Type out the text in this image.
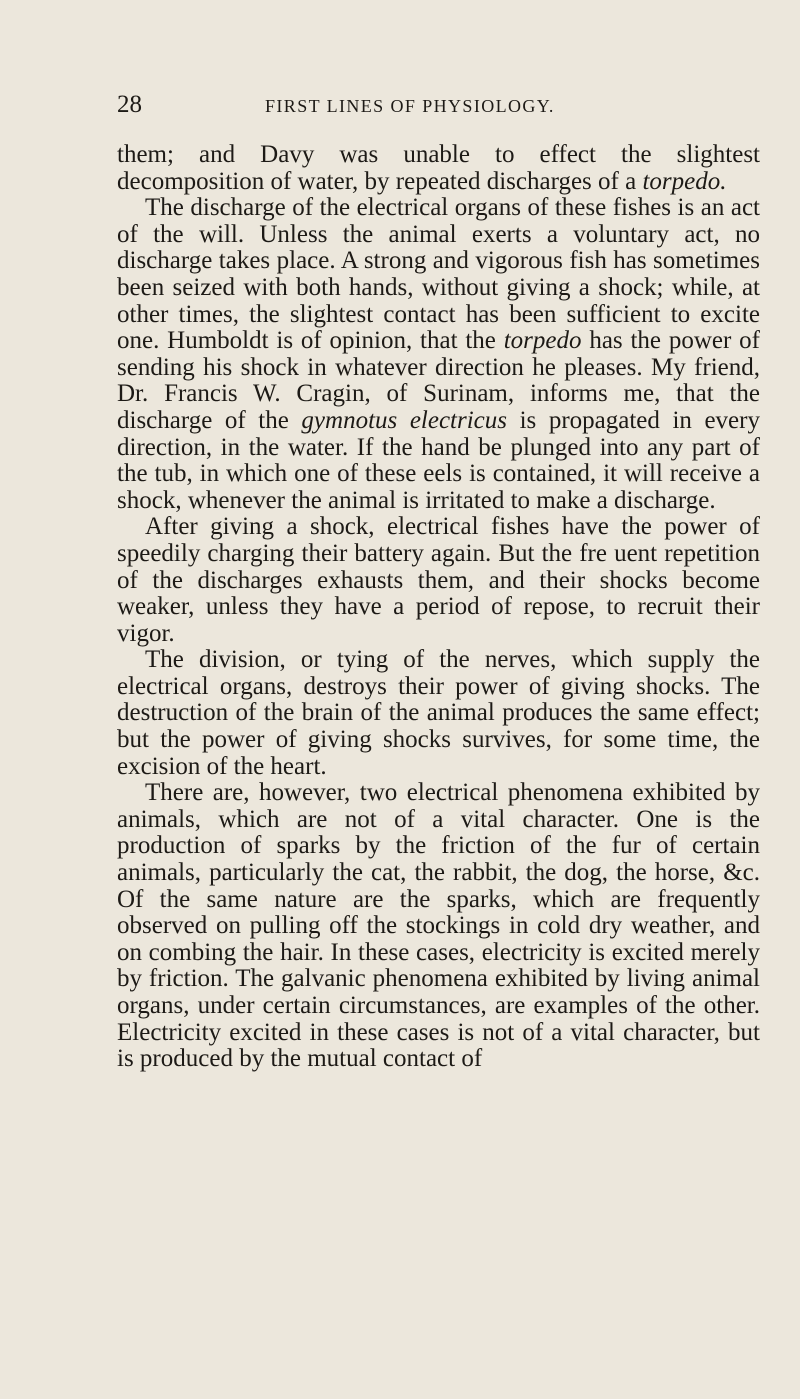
28	FIRST LINES OF PHYSIOLOGY.

them; and Davy was unable to effect the slightest decomposition of water, by repeated discharges of a torpedo.

The discharge of the electrical organs of these fishes is an act of the will. Unless the animal exerts a voluntary act, no discharge takes place. A strong and vigorous fish has sometimes been seized with both hands, without giving a shock; while, at other times, the slightest contact has been sufficient to excite one. Humboldt is of opinion, that the torpedo has the power of sending his shock in whatever direction he pleases. My friend, Dr. Francis W. Cragin, of Surinam, informs me, that the discharge of the gymnotus electricus is propagated in every direction, in the water. If the hand be plunged into any part of the tub, in which one of these eels is contained, it will receive a shock, whenever the animal is irritated to make a discharge.

After giving a shock, electrical fishes have the power of speedily charging their battery again. But the fre uent repetition of the discharges exhausts them, and their shocks become weaker, unless they have a period of repose, to recruit their vigor.

The division, or tying of the nerves, which supply the electrical organs, destroys their power of giving shocks. The destruction of the brain of the animal produces the same effect; but the power of giving shocks survives, for some time, the excision of the heart.

There are, however, two electrical phenomena exhibited by animals, which are not of a vital character. One is the production of sparks by the friction of the fur of certain animals, particularly the cat, the rabbit, the dog, the horse, &c. Of the same nature are the sparks, which are frequently observed on pulling off the stockings in cold dry weather, and on combing the hair. In these cases, electricity is excited merely by friction. The galvanic phenomena exhibited by living animal organs, under certain circumstances, are examples of the other. Electricity excited in these cases is not of a vital character, but is produced by the mutual contact of
